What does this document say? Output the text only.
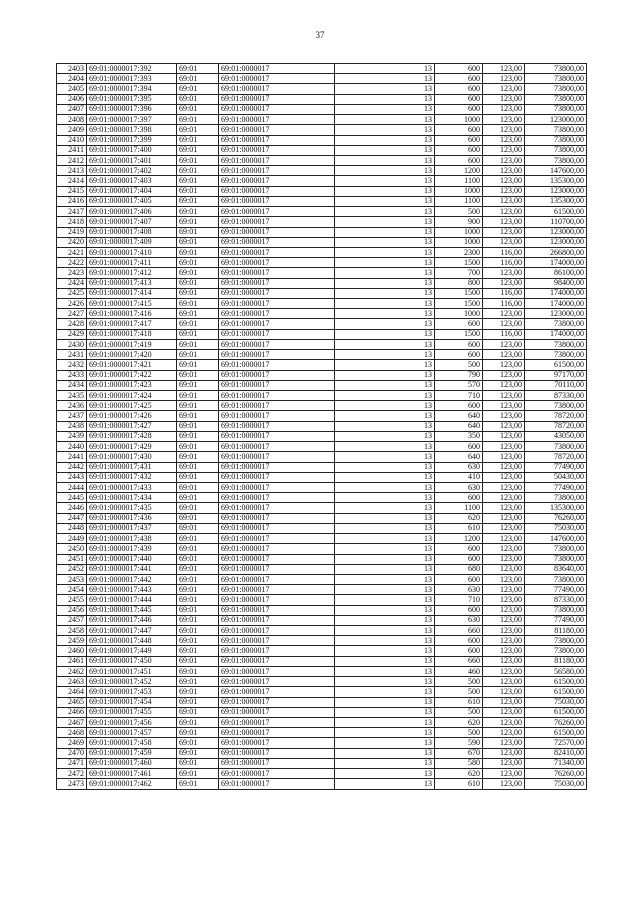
37
2403	69:01:0000017:392	69:01	69:01:0000017	13	600	123,00	73800,00
2404	69:01:0000017:393	69:01	69:01:0000017	13	600	123,00	73800,00
2405	69:01:0000017:394	69:01	69:01:0000017	13	600	123,00	73800,00
2406	69:01:0000017:395	69:01	69:01:0000017	13	600	123,00	73800,00
2407	69:01:0000017:396	69:01	69:01:0000017	13	600	123,00	73800,00
2408	69:01:0000017:397	69:01	69:01:0000017	13	1000	123,00	123000,00
2409	69:01:0000017:398	69:01	69:01:0000017	13	600	123,00	73800,00
2410	69:01:0000017:399	69:01	69:01:0000017	13	600	123,00	73800,00
2411	69:01:0000017:400	69:01	69:01:0000017	13	600	123,00	73800,00
2412	69:01:0000017:401	69:01	69:01:0000017	13	600	123,00	73800,00
2413	69:01:0000017:402	69:01	69:01:0000017	13	1200	123,00	147600,00
2414	69:01:0000017:403	69:01	69:01:0000017	13	1100	123,00	135300,00
2415	69:01:0000017:404	69:01	69:01:0000017	13	1000	123,00	123000,00
2416	69:01:0000017:405	69:01	69:01:0000017	13	1100	123,00	135300,00
2417	69:01:0000017:406	69:01	69:01:0000017	13	500	123,00	61500,00
2418	69:01:0000017:407	69:01	69:01:0000017	13	900	123,00	110700,00
2419	69:01:0000017:408	69:01	69:01:0000017	13	1000	123,00	123000,00
2420	69:01:0000017:409	69:01	69:01:0000017	13	1000	123,00	123000,00
2421	69:01:0000017:410	69:01	69:01:0000017	13	2300	116,00	266800,00
2422	69:01:0000017:411	69:01	69:01:0000017	13	1500	116,00	174000,00
2423	69:01:0000017:412	69:01	69:01:0000017	13	700	123,00	86100,00
2424	69:01:0000017:413	69:01	69:01:0000017	13	800	123,00	98400,00
2425	69:01:0000017:414	69:01	69:01:0000017	13	1500	116,00	174000,00
2426	69:01:0000017:415	69:01	69:01:0000017	13	1500	116,00	174000,00
2427	69:01:0000017:416	69:01	69:01:0000017	13	1000	123,00	123000,00
2428	69:01:0000017:417	69:01	69:01:0000017	13	600	123,00	73800,00
2429	69:01:0000017:418	69:01	69:01:0000017	13	1500	116,00	174000,00
2430	69:01:0000017:419	69:01	69:01:0000017	13	600	123,00	73800,00
2431	69:01:0000017:420	69:01	69:01:0000017	13	600	123,00	73800,00
2432	69:01:0000017:421	69:01	69:01:0000017	13	500	123,00	61500,00
2433	69:01:0000017:422	69:01	69:01:0000017	13	790	123,00	97170,00
2434	69:01:0000017:423	69:01	69:01:0000017	13	570	123,00	70110,00
2435	69:01:0000017:424	69:01	69:01:0000017	13	710	123,00	87330,00
2436	69:01:0000017:425	69:01	69:01:0000017	13	600	123,00	73800,00
2437	69:01:0000017:426	69:01	69:01:0000017	13	640	123,00	78720,00
2438	69:01:0000017:427	69:01	69:01:0000017	13	640	123,00	78720,00
2439	69:01:0000017:428	69:01	69:01:0000017	13	350	123,00	43050,00
2440	69:01:0000017:429	69:01	69:01:0000017	13	600	123,00	73800,00
2441	69:01:0000017:430	69:01	69:01:0000017	13	640	123,00	78720,00
2442	69:01:0000017:431	69:01	69:01:0000017	13	630	123,00	77490,00
2443	69:01:0000017:432	69:01	69:01:0000017	13	410	123,00	50430,00
2444	69:01:0000017:433	69:01	69:01:0000017	13	630	123,00	77490,00
2445	69:01:0000017:434	69:01	69:01:0000017	13	600	123,00	73800,00
2446	69:01:0000017:435	69:01	69:01:0000017	13	1100	123,00	135300,00
2447	69:01:0000017:436	69:01	69:01:0000017	13	620	123,00	76260,00
2448	69:01:0000017:437	69:01	69:01:0000017	13	610	123,00	75030,00
2449	69:01:0000017:438	69:01	69:01:0000017	13	1200	123,00	147600,00
2450	69:01:0000017:439	69:01	69:01:0000017	13	600	123,00	73800,00
2451	69:01:0000017:440	69:01	69:01:0000017	13	600	123,00	73800,00
2452	69:01:0000017:441	69:01	69:01:0000017	13	680	123,00	83640,00
2453	69:01:0000017:442	69:01	69:01:0000017	13	600	123,00	73800,00
2454	69:01:0000017:443	69:01	69:01:0000017	13	630	123,00	77490,00
2455	69:01:0000017:444	69:01	69:01:0000017	13	710	123,00	87330,00
2456	69:01:0000017:445	69:01	69:01:0000017	13	600	123,00	73800,00
2457	69:01:0000017:446	69:01	69:01:0000017	13	630	123,00	77490,00
2458	69:01:0000017:447	69:01	69:01:0000017	13	660	123,00	81180,00
2459	69:01:0000017:448	69:01	69:01:0000017	13	600	123,00	73800,00
2460	69:01:0000017:449	69:01	69:01:0000017	13	600	123,00	73800,00
2461	69:01:0000017:450	69:01	69:01:0000017	13	660	123,00	81180,00
2462	69:01:0000017:451	69:01	69:01:0000017	13	460	123,00	56580,00
2463	69:01:0000017:452	69:01	69:01:0000017	13	500	123,00	61500,00
2464	69:01:0000017:453	69:01	69:01:0000017	13	500	123,00	61500,00
2465	69:01:0000017:454	69:01	69:01:0000017	13	610	123,00	75030,00
2466	69:01:0000017:455	69:01	69:01:0000017	13	500	123,00	61500,00
2467	69:01:0000017:456	69:01	69:01:0000017	13	620	123,00	76260,00
2468	69:01:0000017:457	69:01	69:01:0000017	13	500	123,00	61500,00
2469	69:01:0000017:458	69:01	69:01:0000017	13	590	123,00	72570,00
2470	69:01:0000017:459	69:01	69:01:0000017	13	670	123,00	82410,00
2471	69:01:0000017:460	69:01	69:01:0000017	13	580	123,00	71340,00
2472	69:01:0000017:461	69:01	69:01:0000017	13	620	123,00	76260,00
2473	69:01:0000017:462	69:01	69:01:0000017	13	610	123,00	75030,00
